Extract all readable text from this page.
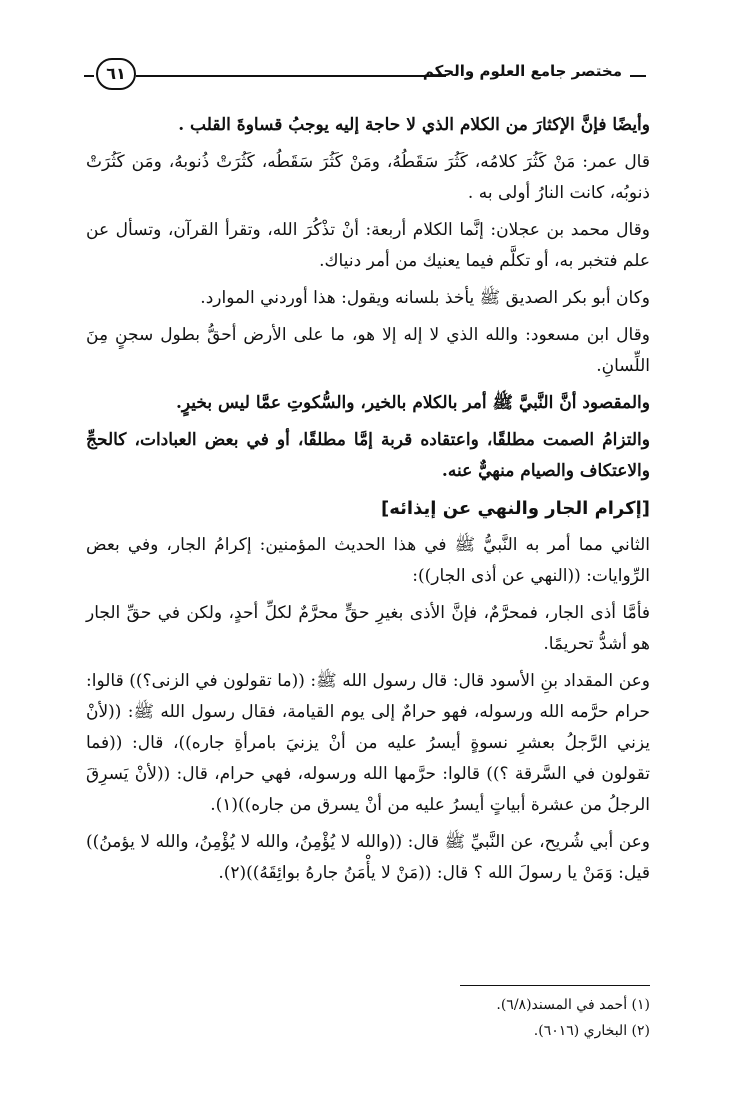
مختصر جامع العلوم والحكم
٦١

وأيضًا فإنَّ الإكثارَ من الكلام الذي لا حاجة إليه يوجبُ قساوةَ القلب .

قال عمر: مَنْ كَثُرَ كلامُه، كَثُرَ سَقَطُهُ، ومَنْ كَثُرَ سَقَطُه، كَثُرَتْ ذُنوبهُ، ومَن كَثُرَتْ ذنوبُه، كانت النارُ أولى به .

وقال محمد بن عجلان: إنَّما الكلام أربعة: أنْ تذْكُرَ الله، وتقرأ القرآن، وتسأل عن علم فتخبر به، أو تكلَّم فيما يعنيك من أمر دنياك.

وكان أبو بكر الصديق ﷺ يأخذ بلسانه ويقول: هذا أوردني الموارد.

وقال ابن مسعود: والله الذي لا إله إلا هو، ما على الأرض أحقُّ بطول سجنٍ مِنَ اللِّسانِ.

والمقصود أنَّ النَّبيَّ ﷺ أمر بالكلام بالخير، والسُّكوتِ عمَّا ليس بخيرٍ.

والتزامُ الصمت مطلقًا، واعتقاده قربة إمَّا مطلقًا، أو في بعض العبادات، كالحجِّ والاعتكاف والصيام منهيٌّ عنه.

[إكرام الجار والنهي عن إيذائه]

الثاني مما أمر به النَّبيُّ ﷺ في هذا الحديث المؤمنين: إكرامُ الجار، وفي بعض الرِّوايات: ((النهي عن أذى الجار)):

فأمَّا أذى الجار، فمحرَّمٌ، فإنَّ الأذى بغيرِ حقٍّ محرَّمٌ لكلِّ أحدٍ، ولكن في حقِّ الجار هو أشدُّ تحريمًا.

وعن المقداد بنِ الأسود قال: قال رسول الله ﷺ: ((ما تقولون في الزنى؟)) قالوا: حرام حرَّمه الله ورسوله، فهو حرامٌ إلى يوم القيامة، فقال رسول الله ﷺ: ((لأنْ يزني الرَّجلُ بعشرِ نسوةٍ أيسرُ عليه من أنْ يزنيَ بامرأةِ جاره))، قال: ((فما تقولون في السَّرقة ؟)) قالوا: حرَّمها الله ورسوله، فهي حرام، قال: ((لأنْ يَسرِقَ الرجلُ من عشرة أبياتٍ أيسرُ عليه من أنْ يسرق من جاره))(١).

وعن أبي شُريح، عن النَّبيِّ ﷺ قال: ((والله لا يُؤْمِنُ، والله لا يُؤْمِنُ، والله لا يؤمنُ)) قيل: وَمَنْ يا رسولَ الله ؟ قال: ((مَنْ لا يأْمَنُ جارهُ بوائِقَهُ))(٢).

(١) أحمد في المسند(٦/٨).

(٢) البخاري (٦٠١٦).
